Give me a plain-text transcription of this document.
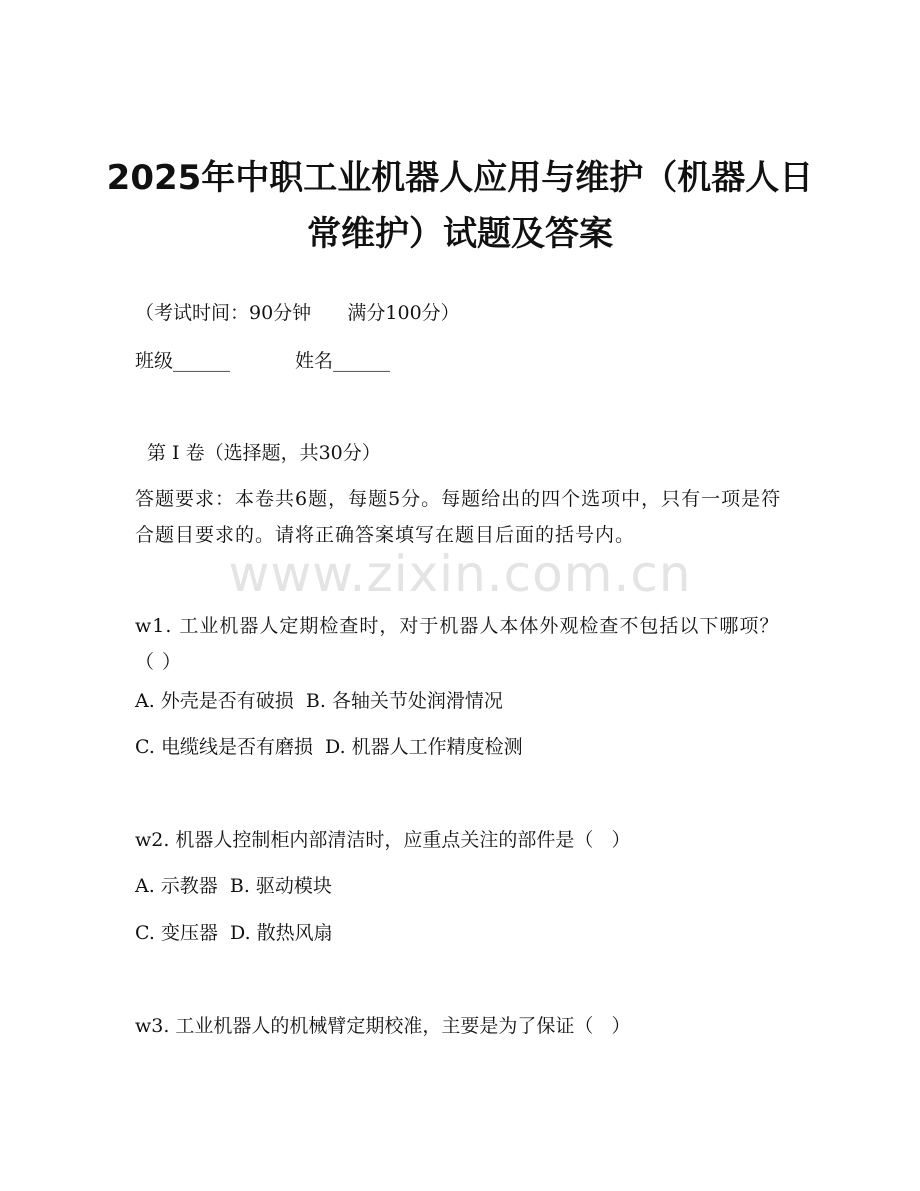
2025年中职工业机器人应用与维护（机器人日常维护）试题及答案
（考试时间：90分钟      满分100分）
班级______	姓名______
第 I 卷（选择题，共30分）
答题要求：本卷共6题，每题5分。每题给出的四个选项中，只有一项是符合题目要求的。请将正确答案填写在题目后面的括号内。
www.zixin.com.cn
w1. 工业机器人定期检查时，对于机器人本体外观检查不包括以下哪项？（ ）
A. 外壳是否有破损  B. 各轴关节处润滑情况
C. 电缆线是否有磨损  D. 机器人工作精度检测
w2. 机器人控制柜内部清洁时，应重点关注的部件是（   ）
A. 示教器  B. 驱动模块
C. 变压器  D. 散热风扇
w3. 工业机器人的机械臂定期校准，主要是为了保证（   ）
